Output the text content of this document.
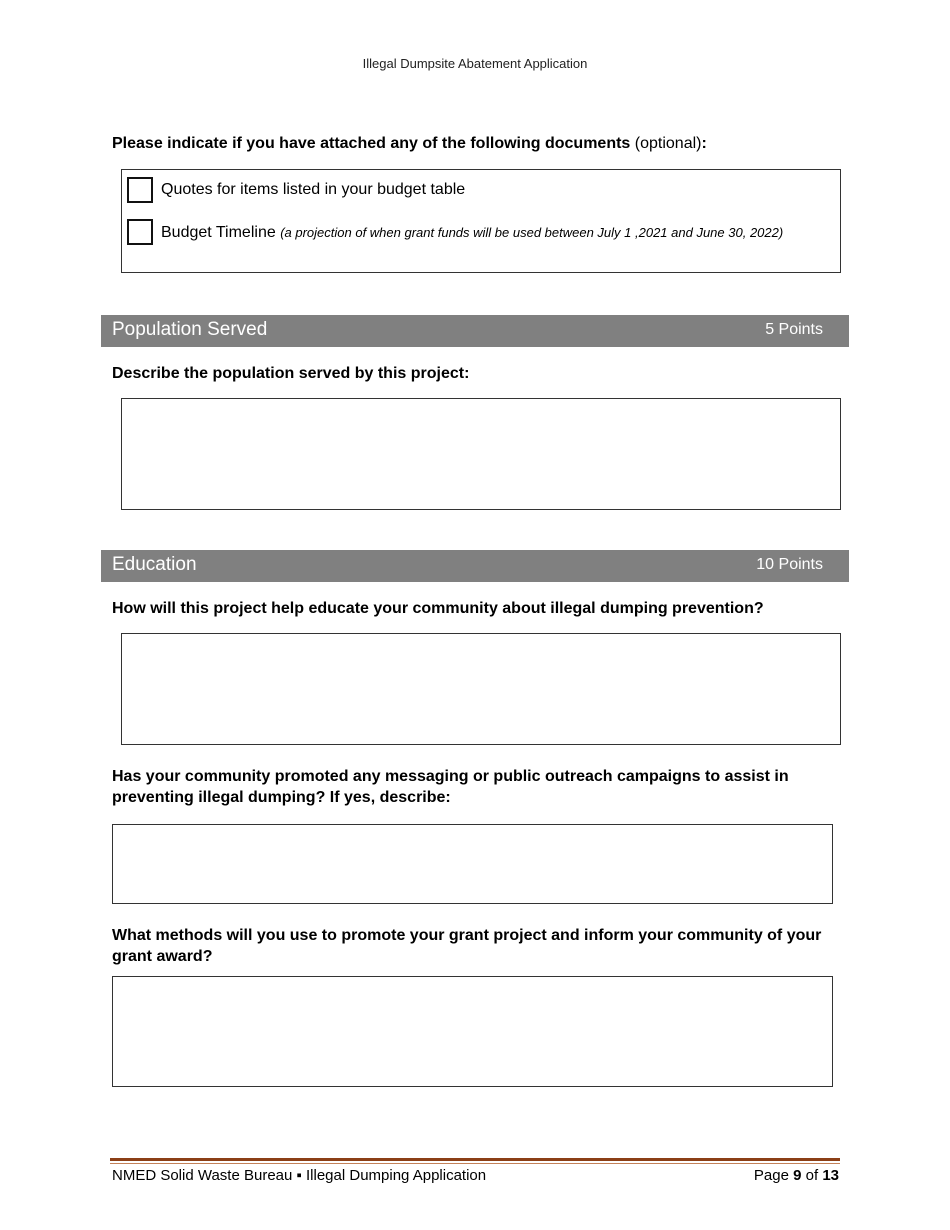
Illegal Dumpsite Abatement Application
Please indicate if you have attached any of the following documents (optional):
Quotes for items listed in your budget table
Budget Timeline (a projection of when grant funds will be used between July 1 ,2021 and June 30, 2022)
Population Served	5 Points
Describe the population served by this project:
Education	10 Points
How will this project help educate your community about illegal dumping prevention?
Has your community promoted any messaging or public outreach campaigns to assist in preventing illegal dumping? If yes, describe:
What methods will you use to promote your grant project and inform your community of your grant award?
NMED Solid Waste Bureau ▪ Illegal Dumping Application	Page 9 of 13
